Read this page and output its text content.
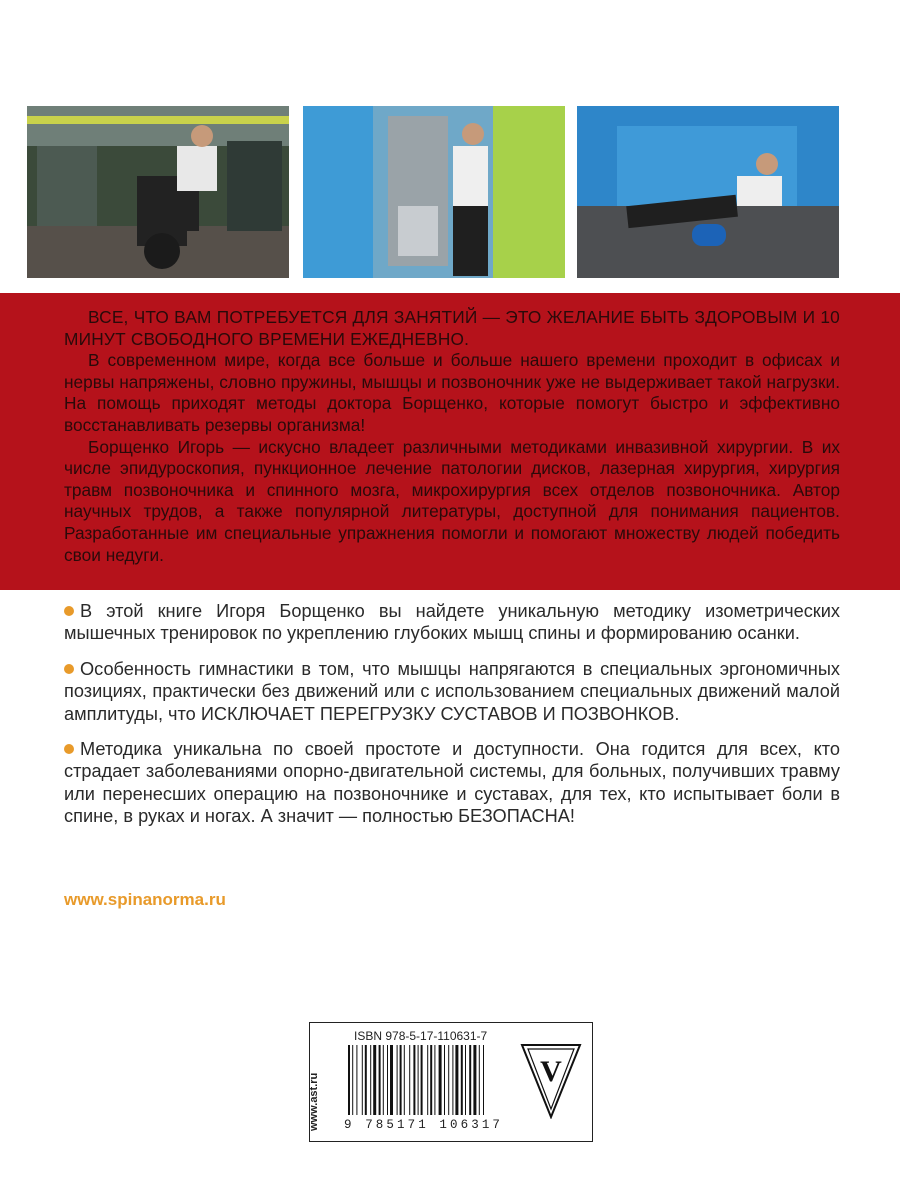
ВСЕ, ЧТО ВАМ ПОТРЕБУЕТСЯ ДЛЯ ЗАНЯТИЙ — ЭТО ЖЕЛАНИЕ БЫТЬ ЗДОРОВЫМ И 10 МИНУТ СВОБОДНОГО ВРЕМЕНИ ЕЖЕДНЕВНО.

В современном мире, когда все больше и больше нашего времени проходит в офисах и нервы напряжены, словно пружины, мышцы и позвоночник уже не выдерживает такой нагрузки. На помощь приходят методы доктора Борщенко, которые помогут быстро и эффективно восстанавливать резервы организма!

Борщенко Игорь — искусно владеет различными методиками инвазивной хирургии. В их числе эпидуроскопия, пункционное лечение патологии дисков, лазерная хирургия, хирургия травм позвоночника и спинного мозга, микрохирургия всех отделов позвоночника. Автор научных трудов, а также популярной литературы, доступной для понимания пациентов. Разработанные им специальные упражнения помогли и помогают множеству людей победить свои недуги.

В этой книге Игоря Борщенко вы найдете уникальную методику изометрических мышечных тренировок по укреплению глубоких мышц спины и формированию осанки.

Особенность гимнастики в том, что мышцы напрягаются в специальных эргономичных позициях, практически без движений или с использованием специальных движений малой амплитуды, что ИСКЛЮЧАЕТ ПЕРЕГРУЗКУ СУСТАВОВ И ПОЗВОНКОВ.

Методика уникальна по своей простоте и доступности. Она годится для всех, кто страдает заболеваниями опорно-двигательной системы, для больных, получивших травму или перенесших операцию на позвоночнике и суставах, для тех, кто испытывает боли в спине, в руках и ногах. А значит — полностью БЕЗОПАСНА!

www.spinanorma.ru
www.ast.ru
ISBN 978-5-17-110631-7
9 785171 106317
V
